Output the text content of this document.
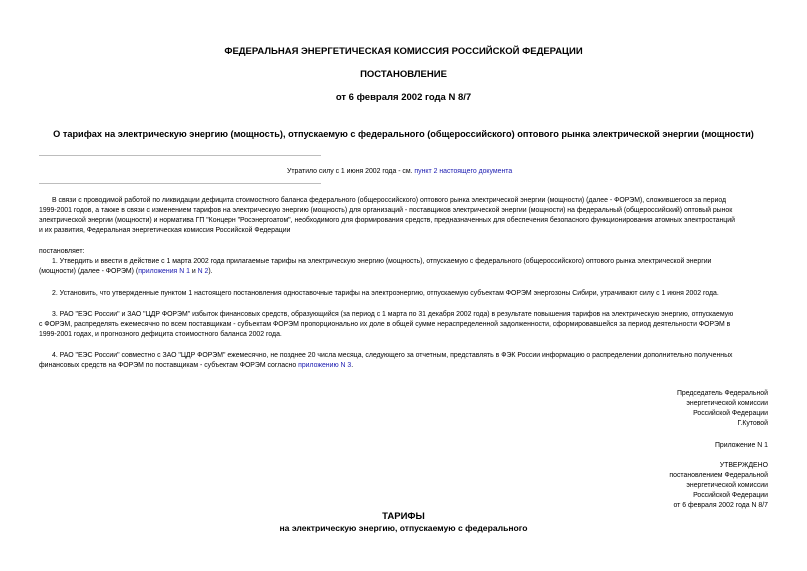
ФЕДЕРАЛЬНАЯ ЭНЕРГЕТИЧЕСКАЯ КОМИССИЯ РОССИЙСКОЙ ФЕДЕРАЦИИ
ПОСТАНОВЛЕНИЕ
от 6 февраля 2002 года N 8/7
О тарифах на электрическую энергию (мощность), отпускаемую с федерального (общероссийского) оптового рынка электрической энергии (мощности)
Утратило силу с 1 июня 2002 года - см. пункт 2 настоящего документа
В связи с проводимой работой по ликвидации дефицита стоимостного баланса федерального (общероссийского) оптового рынка электрической энергии (мощности) (далее - ФОРЭМ), сложившегося за период
1999-2001 годов, а также в связи с изменением тарифов на электрическую энергию (мощность) для организаций - поставщиков электрической энергии (мощности) на федеральный (общероссийский) оптовый рынок
электрической энергии (мощности) и норматива ГП "Концерн "Росэнергоатом", необходимого для формирования средств, предназначенных для обеспечения безопасного функционирования атомных электростанций
и их развития, Федеральная энергетическая комиссия Российской Федерации
постановляет:
1. Утвердить и ввести в действие с 1 марта 2002 года прилагаемые тарифы на электрическую энергию (мощность), отпускаемую с федерального (общероссийского) оптового рынка электрической энергии
(мощности) (далее - ФОРЭМ) (приложения N 1 и N 2).
2. Установить, что утвержденные пунктом 1 настоящего постановления одноставочные тарифы на электроэнергию, отпускаемую субъектам ФОРЭМ энергозоны Сибири, утрачивают силу с 1 июня 2002 года.
3. РАО "ЕЭС России" и ЗАО "ЦДР ФОРЭМ" избыток финансовых средств, образующийся (за период с 1 марта по 31 декабря 2002 года) в результате повышения тарифов на электрическую энергию, отпускаемую
с ФОРЭМ, распределять ежемесячно по всем поставщикам - субъектам ФОРЭМ пропорционально их доле в общей сумме нераспределенной задолженности, сформировавшейся за период деятельности ФОРЭМ в
1999-2001 годах, и прогнозного дефицита стоимостного баланса 2002 года.
4. РАО "ЕЭС России" совместно с ЗАО "ЦДР ФОРЭМ" ежемесячно, не позднее 20 числа месяца, следующего за отчетным, представлять в ФЭК России информацию о распределении дополнительно полученных
финансовых средств на ФОРЭМ по поставщикам - субъектам ФОРЭМ согласно приложению N 3.
Председатель Федеральной
энергетической комиссии
Российской Федерации
Г.Кутовой
Приложение N 1
УТВЕРЖДЕНО
постановлением Федеральной
энергетической комиссии
Российской Федерации
от 6 февраля 2002 года N 8/7
ТАРИФЫ
на электрическую энергию, отпускаемую с федерального
